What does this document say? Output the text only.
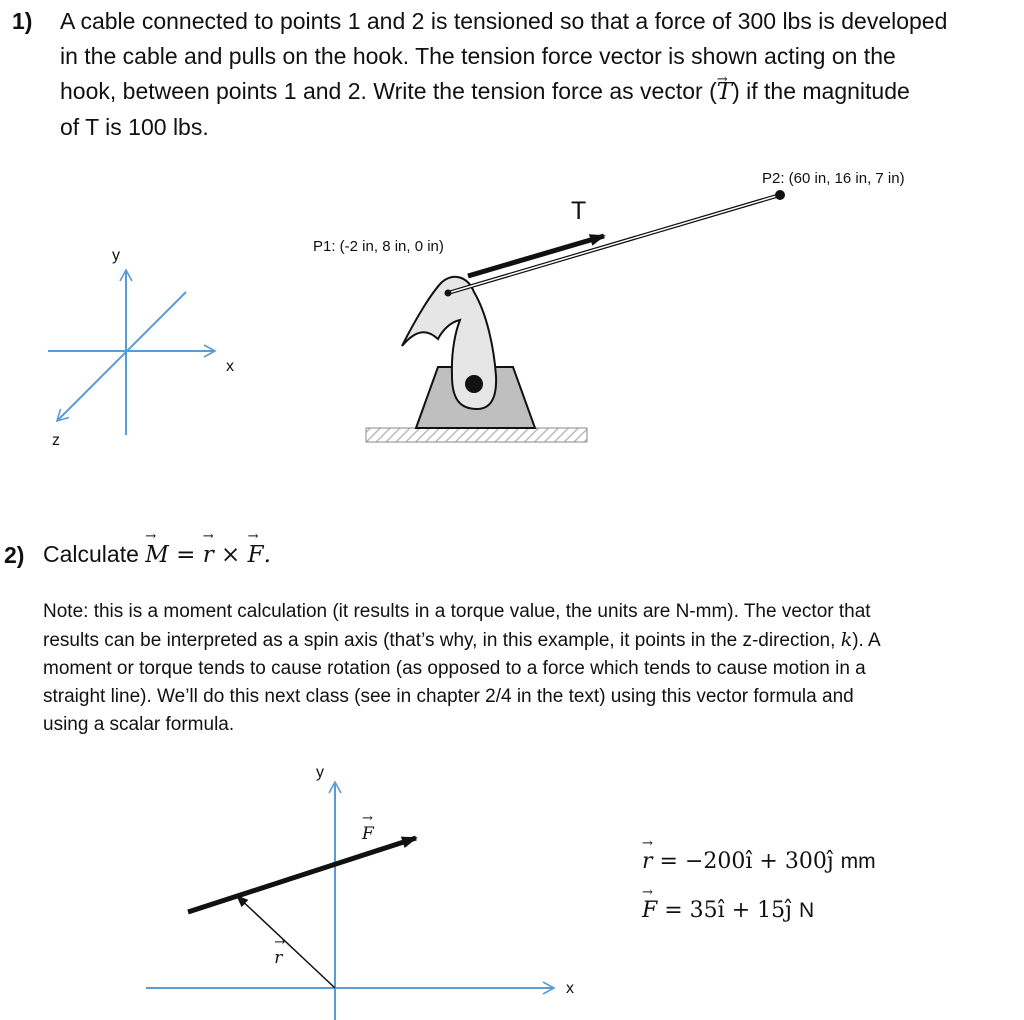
1) A cable connected to points 1 and 2 is tensioned so that a force of 300 lbs is developed
in the cable and pulls on the hook. The tension force vector is shown acting on the
hook, between points 1 and 2. Write the tension force as vector (→ T) if the magnitude
of T is 100 lbs.
y
x
z
P1: (-2 in, 8 in, 0 in)
P2: (60 in, 16 in, 7 in)
T
2) Calculate → M = → r × → F.
Note: this is a moment calculation (it results in a torque value, the units are N-mm). The vector that
results can be interpreted as a spin axis (that’s why, in this example, it points in the z-direction, k). A
moment or torque tends to cause rotation (as opposed to a force which tends to cause motion in a
straight line). We’ll do this next class (see in chapter 2/4 in the text) using this vector formula and
using a scalar formula.
y
x
→ F → r
→ r = −200î + 300ĵ mm
→ F = 35î + 15ĵ N
